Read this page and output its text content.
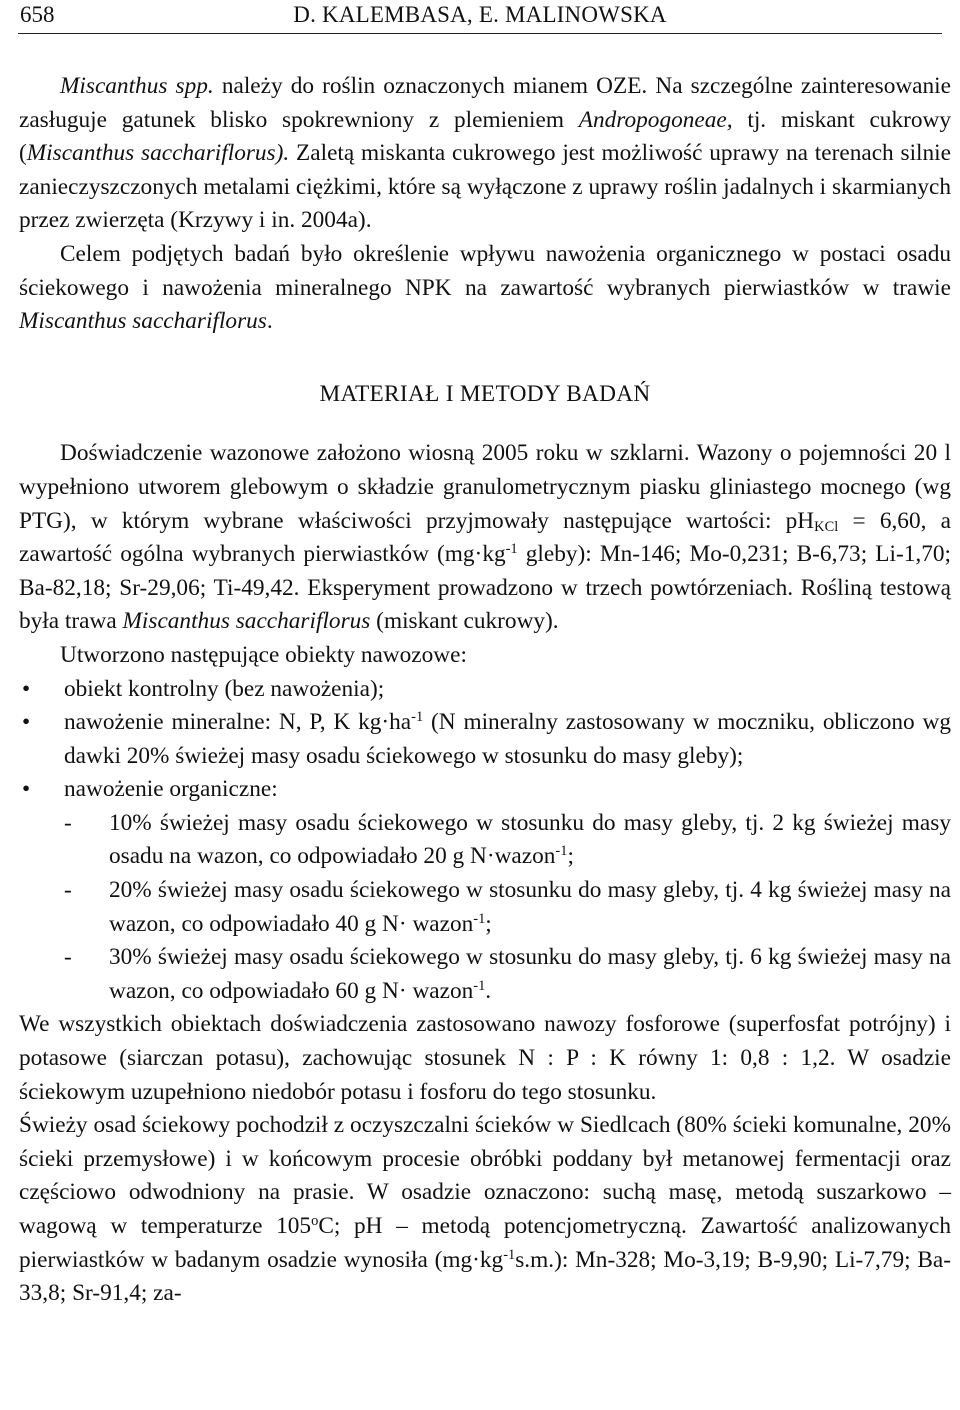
658	D. KALEMBASA, E. MALINOWSKA

Miscanthus spp. należy do roślin oznaczonych mianem OZE. Na szczególne zainteresowanie zasługuje gatunek blisko spokrewniony z plemieniem Andropogoneae, tj. miskant cukrowy (Miscanthus sacchariflorus). Zaletą miskanta cukrowego jest możliwość uprawy na terenach silnie zanieczyszczonych metalami ciężkimi, które są wyłączone z uprawy roślin jadalnych i skarmianych przez zwierzęta (Krzywy i in. 2004a).

Celem podjętych badań było określenie wpływu nawożenia organicznego w postaci osadu ściekowego i nawożenia mineralnego NPK na zawartość wybranych pierwiastków w trawie Miscanthus sacchariflorus.

MATERIAŁ I METODY BADAŃ

Doświadczenie wazonowe założono wiosną 2005 roku w szklarni. Wazony o pojemności 20 l wypełniono utworem glebowym o składzie granulometrycznym piasku gliniastego mocnego (wg PTG), w którym wybrane właściwości przyjmowały następujące wartości: $pH_{KCl} = 6,60$, a zawartość ogólna wybranych pierwiastków ($mg\cdot kg^{-1}$ gleby): Mn-146; Mo-0,231; B-6,73; Li-1,70; Ba-82,18; Sr-29,06; Ti-49,42. Eksperyment prowadzono w trzech powtórzeniach. Rośliną testową była trawa Miscanthus sacchariflorus (miskant cukrowy).

Utworzono następujące obiekty nawozowe:

• obiekt kontrolny (bez nawożenia);
• nawożenie mineralne: N, P, K $kg\cdot ha^{-1}$ (N mineralny zastosowany w moczniku, obliczono wg dawki 20% świeżej masy osadu ściekowego w stosunku do masy gleby);
• nawożenie organiczne:
- 10% świeżej masy osadu ściekowego w stosunku do masy gleby, tj. 2 kg świeżej masy osadu na wazon, co odpowiadało 20 g N·wazon$^{-1}$;
- 20% świeżej masy osadu ściekowego w stosunku do masy gleby, tj. 4 kg świeżej masy na wazon, co odpowiadało 40 g N· wazon$^{-1}$;
- 30% świeżej masy osadu ściekowego w stosunku do masy gleby, tj. 6 kg świeżej masy na wazon, co odpowiadało 60 g N· wazon$^{-1}$.

We wszystkich obiektach doświadczenia zastosowano nawozy fosforowe (superfosfat potrójny) i potasowe (siarczan potasu), zachowując stosunek N : P : K równy 1: 0,8 : 1,2. W osadzie ściekowym uzupełniono niedobór potasu i fosforu do tego stosunku.

Świeży osad ściekowy pochodził z oczyszczalni ścieków w Siedlcach (80% ścieki komunalne, 20% ścieki przemysłowe) i w końcowym procesie obróbki poddany był metanowej fermentacji oraz częściowo odwodniony na prasie. W osadzie oznaczono: suchą masę, metodą suszarkowo – wagową w temperaturze 105$^o$C; pH – metodą potencjometryczną. Zawartość analizowanych pierwiastków w badanym osadzie wynosiła $(mg\cdot kg^{-1}s.m.)$: Mn-328; Mo-3,19; B-9,90; Li-7,79; Ba-33,8; Sr-91,4; za-
